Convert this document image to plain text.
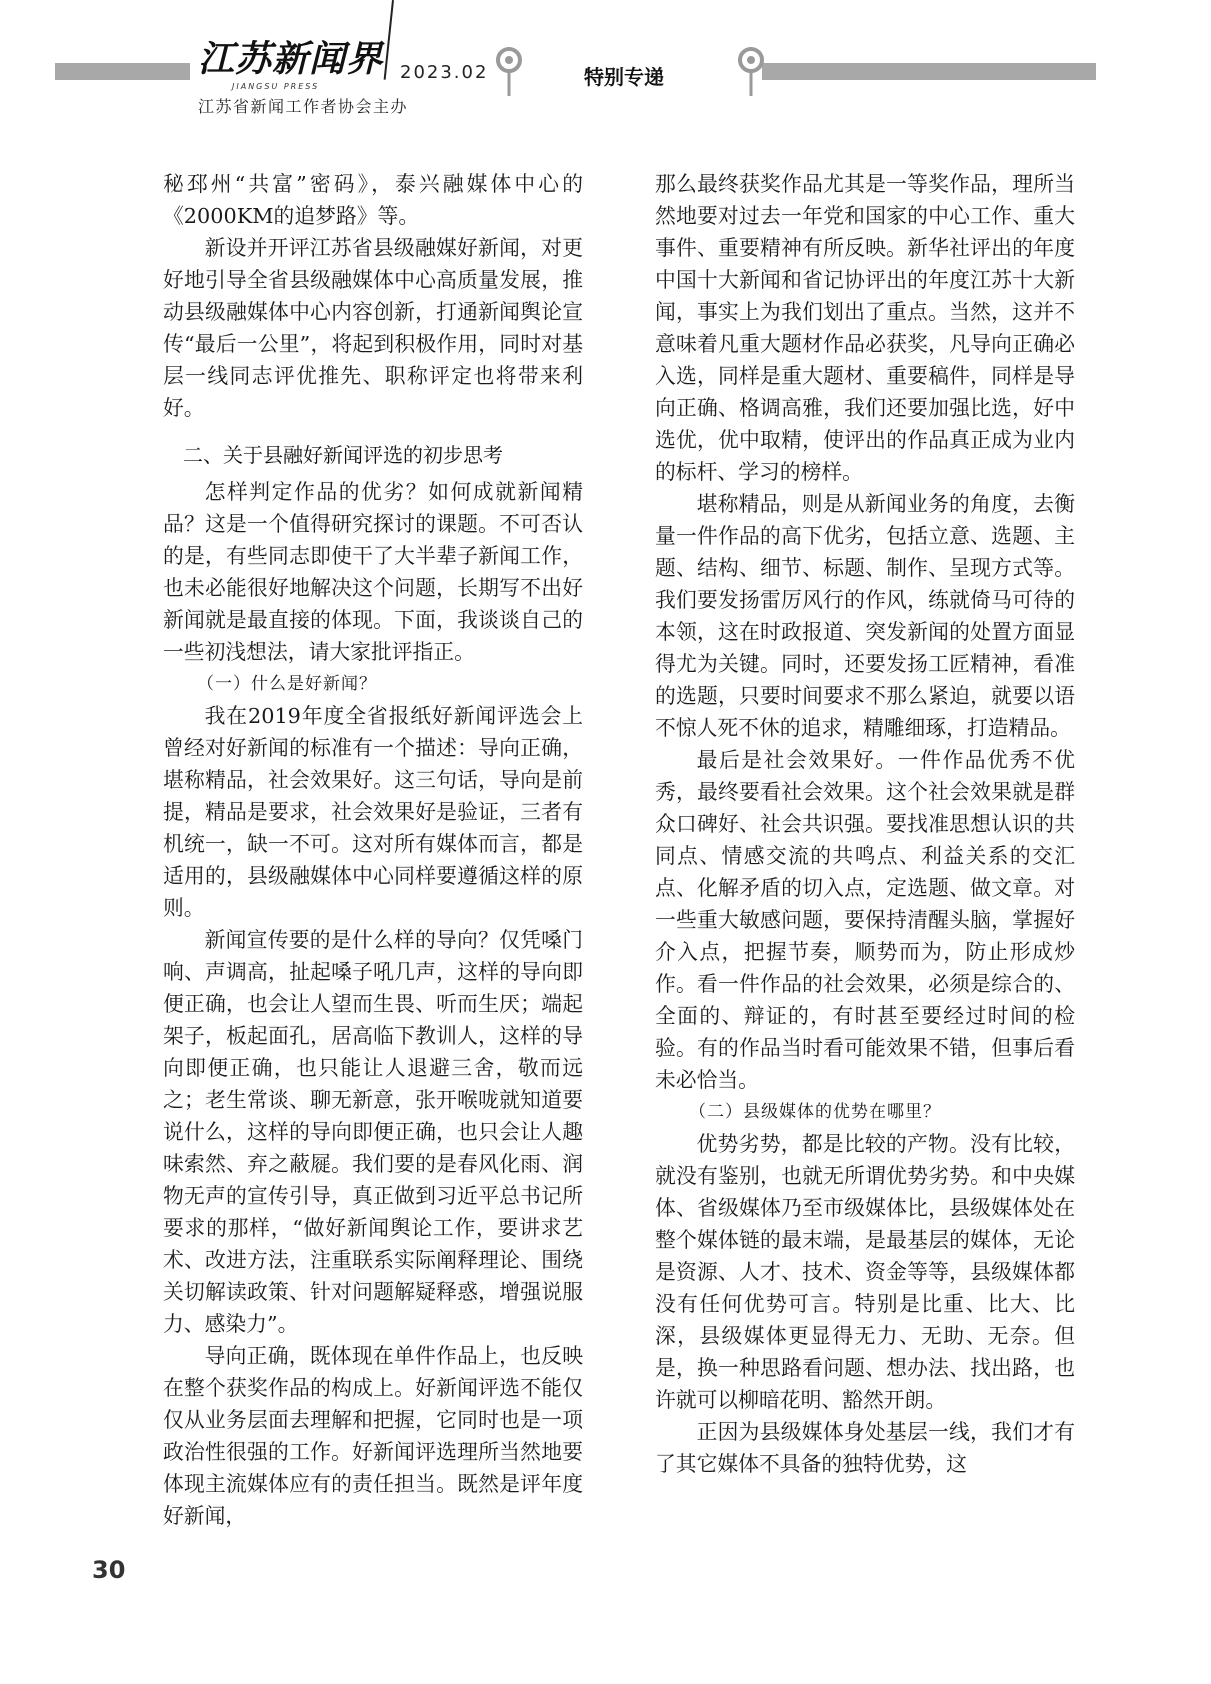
江苏新闻界
JIANGSU PRESS
2023.02	特别专递
江苏省新闻工作者协会主办

秘邳州“共富”密码》，泰兴融媒体中心的《2000KM的追梦路》等。

新设并开评江苏省县级融媒好新闻，对更好地引导全省县级融媒体中心高质量发展，推动县级融媒体中心内容创新，打通新闻舆论宣传“最后一公里”，将起到积极作用，同时对基层一线同志评优推先、职称评定也将带来利好。

二、关于县融好新闻评选的初步思考

怎样判定作品的优劣？如何成就新闻精品？这是一个值得研究探讨的课题。不可否认的是，有些同志即使干了大半辈子新闻工作，也未必能很好地解决这个问题，长期写不出好新闻就是最直接的体现。下面，我谈谈自己的一些初浅想法，请大家批评指正。

（一）什么是好新闻？

我在2019年度全省报纸好新闻评选会上曾经对好新闻的标准有一个描述：导向正确，堪称精品，社会效果好。这三句话，导向是前提，精品是要求，社会效果好是验证，三者有机统一，缺一不可。这对所有媒体而言，都是适用的，县级融媒体中心同样要遵循这样的原则。

新闻宣传要的是什么样的导向？仅凭嗓门响、声调高，扯起嗓子吼几声，这样的导向即便正确，也会让人望而生畏、听而生厌；端起架子，板起面孔，居高临下教训人，这样的导向即便正确，也只能让人退避三舍，敬而远之；老生常谈、聊无新意，张开喉咙就知道要说什么，这样的导向即便正确，也只会让人趣味索然、弃之蔽屣。我们要的是春风化雨、润物无声的宣传引导，真正做到习近平总书记所要求的那样，“做好新闻舆论工作，要讲求艺术、改进方法，注重联系实际阐释理论、围绕关切解读政策、针对问题解疑释惑，增强说服力、感染力”。

导向正确，既体现在单件作品上，也反映在整个获奖作品的构成上。好新闻评选不能仅仅从业务层面去理解和把握，它同时也是一项政治性很强的工作。好新闻评选理所当然地要体现主流媒体应有的责任担当。既然是评年度好新闻，

那么最终获奖作品尤其是一等奖作品，理所当然地要对过去一年党和国家的中心工作、重大事件、重要精神有所反映。新华社评出的年度中国十大新闻和省记协评出的年度江苏十大新闻，事实上为我们划出了重点。当然，这并不意味着凡重大题材作品必获奖，凡导向正确必入选，同样是重大题材、重要稿件，同样是导向正确、格调高雅，我们还要加强比选，好中选优，优中取精，使评出的作品真正成为业内的标杆、学习的榜样。

堪称精品，则是从新闻业务的角度，去衡量一件作品的高下优劣，包括立意、选题、主题、结构、细节、标题、制作、呈现方式等。我们要发扬雷厉风行的作风，练就倚马可待的本领，这在时政报道、突发新闻的处置方面显得尤为关键。同时，还要发扬工匠精神，看准的选题，只要时间要求不那么紧迫，就要以语不惊人死不休的追求，精雕细琢，打造精品。

最后是社会效果好。一件作品优秀不优秀，最终要看社会效果。这个社会效果就是群众口碑好、社会共识强。要找准思想认识的共同点、情感交流的共鸣点、利益关系的交汇点、化解矛盾的切入点，定选题、做文章。对一些重大敏感问题，要保持清醒头脑，掌握好介入点，把握节奏，顺势而为，防止形成炒作。看一件作品的社会效果，必须是综合的、全面的、辩证的，有时甚至要经过时间的检验。有的作品当时看可能效果不错，但事后看未必恰当。

（二）县级媒体的优势在哪里？

优势劣势，都是比较的产物。没有比较，就没有鉴别，也就无所谓优势劣势。和中央媒体、省级媒体乃至市级媒体比，县级媒体处在整个媒体链的最末端，是最基层的媒体，无论是资源、人才、技术、资金等等，县级媒体都没有任何优势可言。特别是比重、比大、比深，县级媒体更显得无力、无助、无奈。但是，换一种思路看问题、想办法、找出路，也许就可以柳暗花明、豁然开朗。

正因为县级媒体身处基层一线，我们才有了其它媒体不具备的独特优势，这

30
